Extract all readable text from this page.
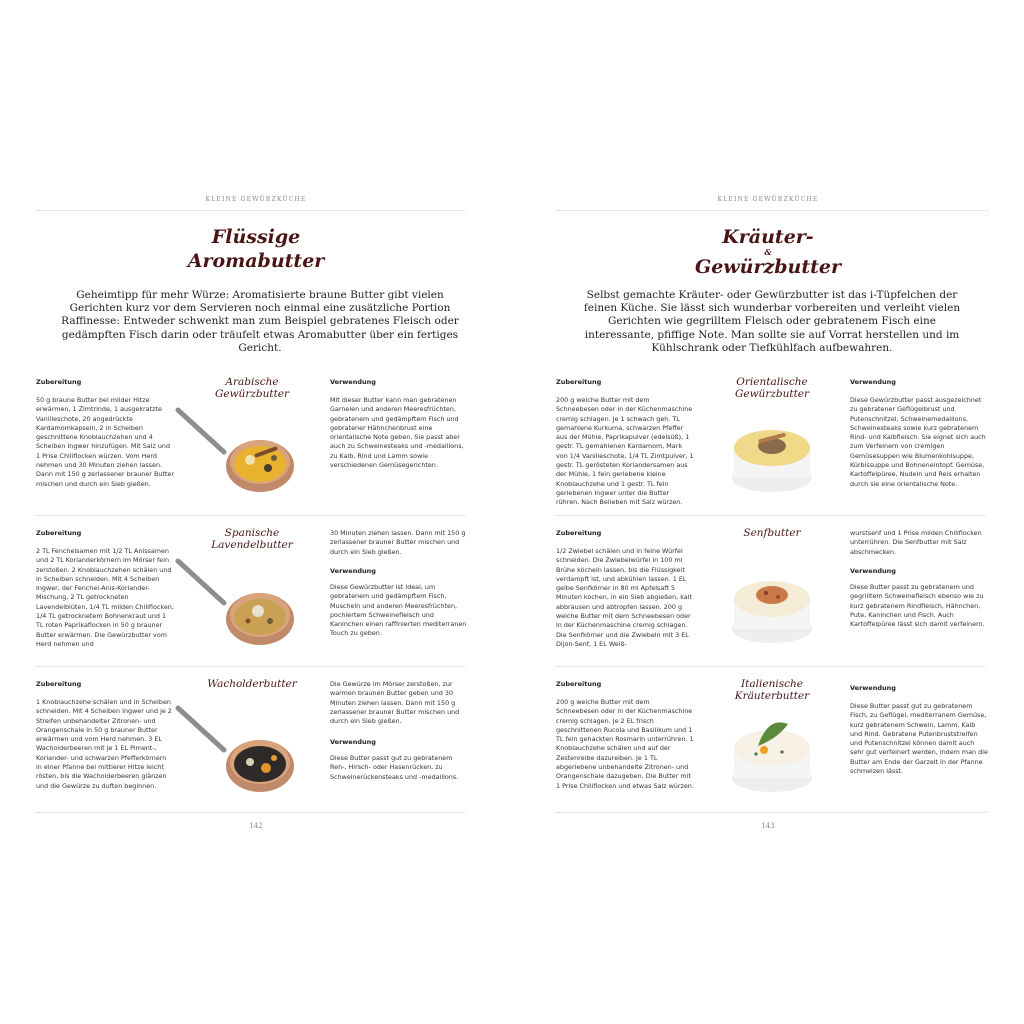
KLEINE GEWÜRZKÜCHE
Flüssige
Aromabutter
Geheimtipp für mehr Würze: Aromatisierte braune Butter gibt vielen Gerichten kurz vor dem Servieren noch einmal eine zusätzliche Portion Raffinesse: Entweder schwenkt man zum Beispiel gebratenes Fleisch oder gedämpften Fisch darin oder träufelt etwas Aromabutter über ein fertiges Gericht.
Zubereitung
50 g braune Butter bei milder Hitze erwärmen, 1 Zimtrinde, 1 ausgekratzte Vanilleschote, 20 angedrückte Kardamomkapseln, 2 in Scheiben geschnittene Knoblauchzehen und 4 Scheiben Ingwer hinzufügen. Mit Salz und 1 Prise Chiliflocken würzen. Vom Herd nehmen und 30 Minuten ziehen lassen. Dann mit 150 g zerlassener brauner Butter mischen und durch ein Sieb gießen.
Arabische
Gewürzbutter
Verwendung
Mit dieser Butter kann man gebratenen Garnelen und anderen Meeresfrüchten, gebratenem und gedämpftem Fisch und gebratener Hähnchenbrust eine orientalische Note geben. Sie passt aber auch zu Schweinesteaks und -medaillons, zu Kalb, Rind und Lamm sowie verschiedenen Gemüsegerichten.
Zubereitung
2 TL Fenchelsamen mit 1/2 TL Anissamen und 2 TL Korianderkörnern im Mörser fein zerstoßen. 2 Knoblauchzehen schälen und in Scheiben schneiden. Mit 4 Scheiben Ingwer, der Fenchel-Anis-Koriander-Mischung, 2 TL getrockneten Lavendelblüten, 1/4 TL milden Chiliflocken, 1/4 TL getrocknetem Bohnenkraut und 1 TL roten Paprikaflocken in 50 g brauner Butter erwärmen. Die Gewürzbutter vom Herd nehmen und
Spanische
Lavendelbutter
30 Minuten ziehen lassen. Dann mit 150 g zerlassener brauner Butter mischen und durch ein Sieb gießen.
Verwendung
Diese Gewürzbutter ist ideal, um gebratenem und gedämpftem Fisch, Muscheln und anderen Meeresfrüchten, pochiertem Schweinefleisch und Kaninchen einen raffinierten mediterranen Touch zu geben.
Zubereitung
1 Knoblauchzehe schälen und in Scheiben schneiden. Mit 4 Scheiben Ingwer und je 2 Streifen unbehandelter Zitronen- und Orangenschale in 50 g brauner Butter erwärmen und vom Herd nehmen. 3 EL Wacholderbeeren mit je 1 EL Piment-, Koriander- und schwarzen Pfefferkörnern in einer Pfanne bei mittlerer Hitze leicht rösten, bis die Wacholderbeeren glänzen und die Gewürze zu duften beginnen.
Wacholderbutter	Die Gewürze im Mörser zerstoßen, zur warmen braunen Butter geben und 30 Minuten ziehen lassen. Dann mit 150 g zerlassener brauner Butter mischen und durch ein Sieb gießen.
Verwendung
Diese Butter passt gut zu gebratenem Reh-, Hirsch- oder Hasenrücken, zu Schweinerückensteaks und -medaillons.
142
KLEINE GEWÜRZKÜCHE
Kräuter-
&
Gewürzbutter
Selbst gemachte Kräuter- oder Gewürzbutter ist das i-Tüpfelchen der feinen Küche. Sie lässt sich wunderbar vorbereiten und verleiht vielen Gerichten wie gegrilltem Fleisch oder gebratenem Fisch eine interessante, pfiffige Note. Man sollte sie auf Vorrat herstellen und im Kühlschrank oder Tiefkühlfach aufbewahren.
Zubereitung
200 g weiche Butter mit dem Schneebesen oder in der Küchenmaschine cremig schlagen. Je 1 schwach geh. TL gemahlene Kurkuma, schwarzen Pfeffer aus der Mühle, Paprikapulver (edelsüß), 1 gestr. TL gemahlenen Kardamom, Mark von 1/4 Vanilleschote, 1/4 TL Zimtpulver, 1 gestr. TL gerösteten Koriandersamen aus der Mühle, 1 fein geriebene kleine Knoblauchzehe und 1 gestr. TL fein geriebenen Ingwer unter die Butter rühren. Nach Belieben mit Salz würzen.
Orientalische
Gewürzbutter
Verwendung
Diese Gewürzbutter passt ausgezeichnet zu gebratener Geflügelbrust und Putenschnitzel, Schweinemedaillons, Schweinesteaks sowie kurz gebratenem Rind- und Kalbfleisch. Sie eignet sich auch zum Verfeinern von cremigen Gemüsesuppen wie Blumenkohlsuppe, Kürbissuppe und Bohneneintopf. Gemüse, Kartoffelpüree, Nudeln und Reis erhalten durch sie eine orientalische Note.
Zubereitung
1/2 Zwiebel schälen und in feine Würfel schneiden. Die Zwiebelwürfel in 100 ml Brühe köcheln lassen, bis die Flüssigkeit verdampft ist, und abkühlen lassen. 1 EL gelbe Senfkörner in 80 ml Apfelsaft 5 Minuten kochen, in ein Sieb abgießen, kalt abbrausen und abtropfen lassen. 200 g weiche Butter mit dem Schneebesen oder in der Küchenmaschine cremig schlagen. Die Senfkörner und die Zwiebeln mit 3 EL Dijon-Senf, 1 EL Weiß-
Senfbutter	wurstsenf und 1 Prise milden Chiliflocken unterrühren. Die Senfbutter mit Salz abschmecken.
Verwendung
Diese Butter passt zu gebratenem und gegrilltem Schweinefleisch ebenso wie zu kurz gebratenem Rindfleisch, Hähnchen, Pute, Kaninchen und Fisch. Auch Kartoffelpüree lässt sich damit verfeinern.
Zubereitung
200 g weiche Butter mit dem Schneebesen oder in der Küchenmaschine cremig schlagen. Je 2 EL frisch geschnittenen Rucola und Basilikum und 1 TL fein gehackten Rosmarin unterrühren. 1 Knoblauchzehe schälen und auf der Zestenreibe dazureiben. Je 1 TL abgeriebene unbehandelte Zitronen- und Orangenschale dazugeben. Die Butter mit 1 Prise Chiliflocken und etwas Salz würzen.
Italienische
Kräuterbutter
Verwendung
Diese Butter passt gut zu gebratenem Fisch, zu Geflügel, mediterranem Gemüse, kurz gebratenem Schwein, Lamm, Kalb und Rind. Gebratene Putenbruststreifen und Putenschnitzel können damit auch sehr gut verfeinert werden, indem man die Butter am Ende der Garzeit in der Pfanne schmelzen lässt.
143
